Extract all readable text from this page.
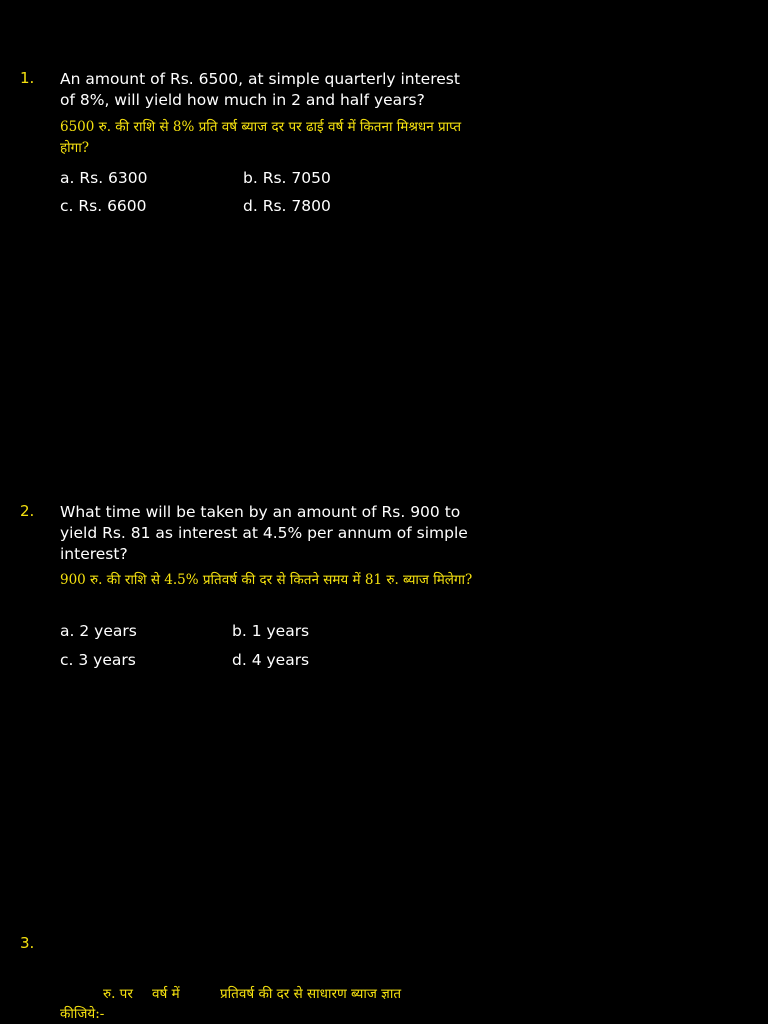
1. An amount of Rs. 6500, at simple quarterly interest of 8%, will yield how much in 2 and half years?
6500 रु. की राशि से 8% प्रति वर्ष ब्याज दर पर ढाई वर्ष में कितना मिश्रधन प्राप्त होगा?
a. Rs. 6300	b. Rs. 7050
c. Rs. 6600	d. Rs. 7800
2. What time will be taken by an amount of Rs. 900 to yield Rs. 81 as interest at 4.5% per annum of simple interest?
900 रु. की राशि से 4.5% प्रतिवर्ष की दर से कितने समय में 81 रु. ब्याज मिलेगा?
a. 2 years	b. 1 years
c. 3 years	d. 4 years
3.
रु. पर वर्ष में	प्रतिवर्ष की दर से साधारण ब्याज ज्ञात
कीजिये:-
